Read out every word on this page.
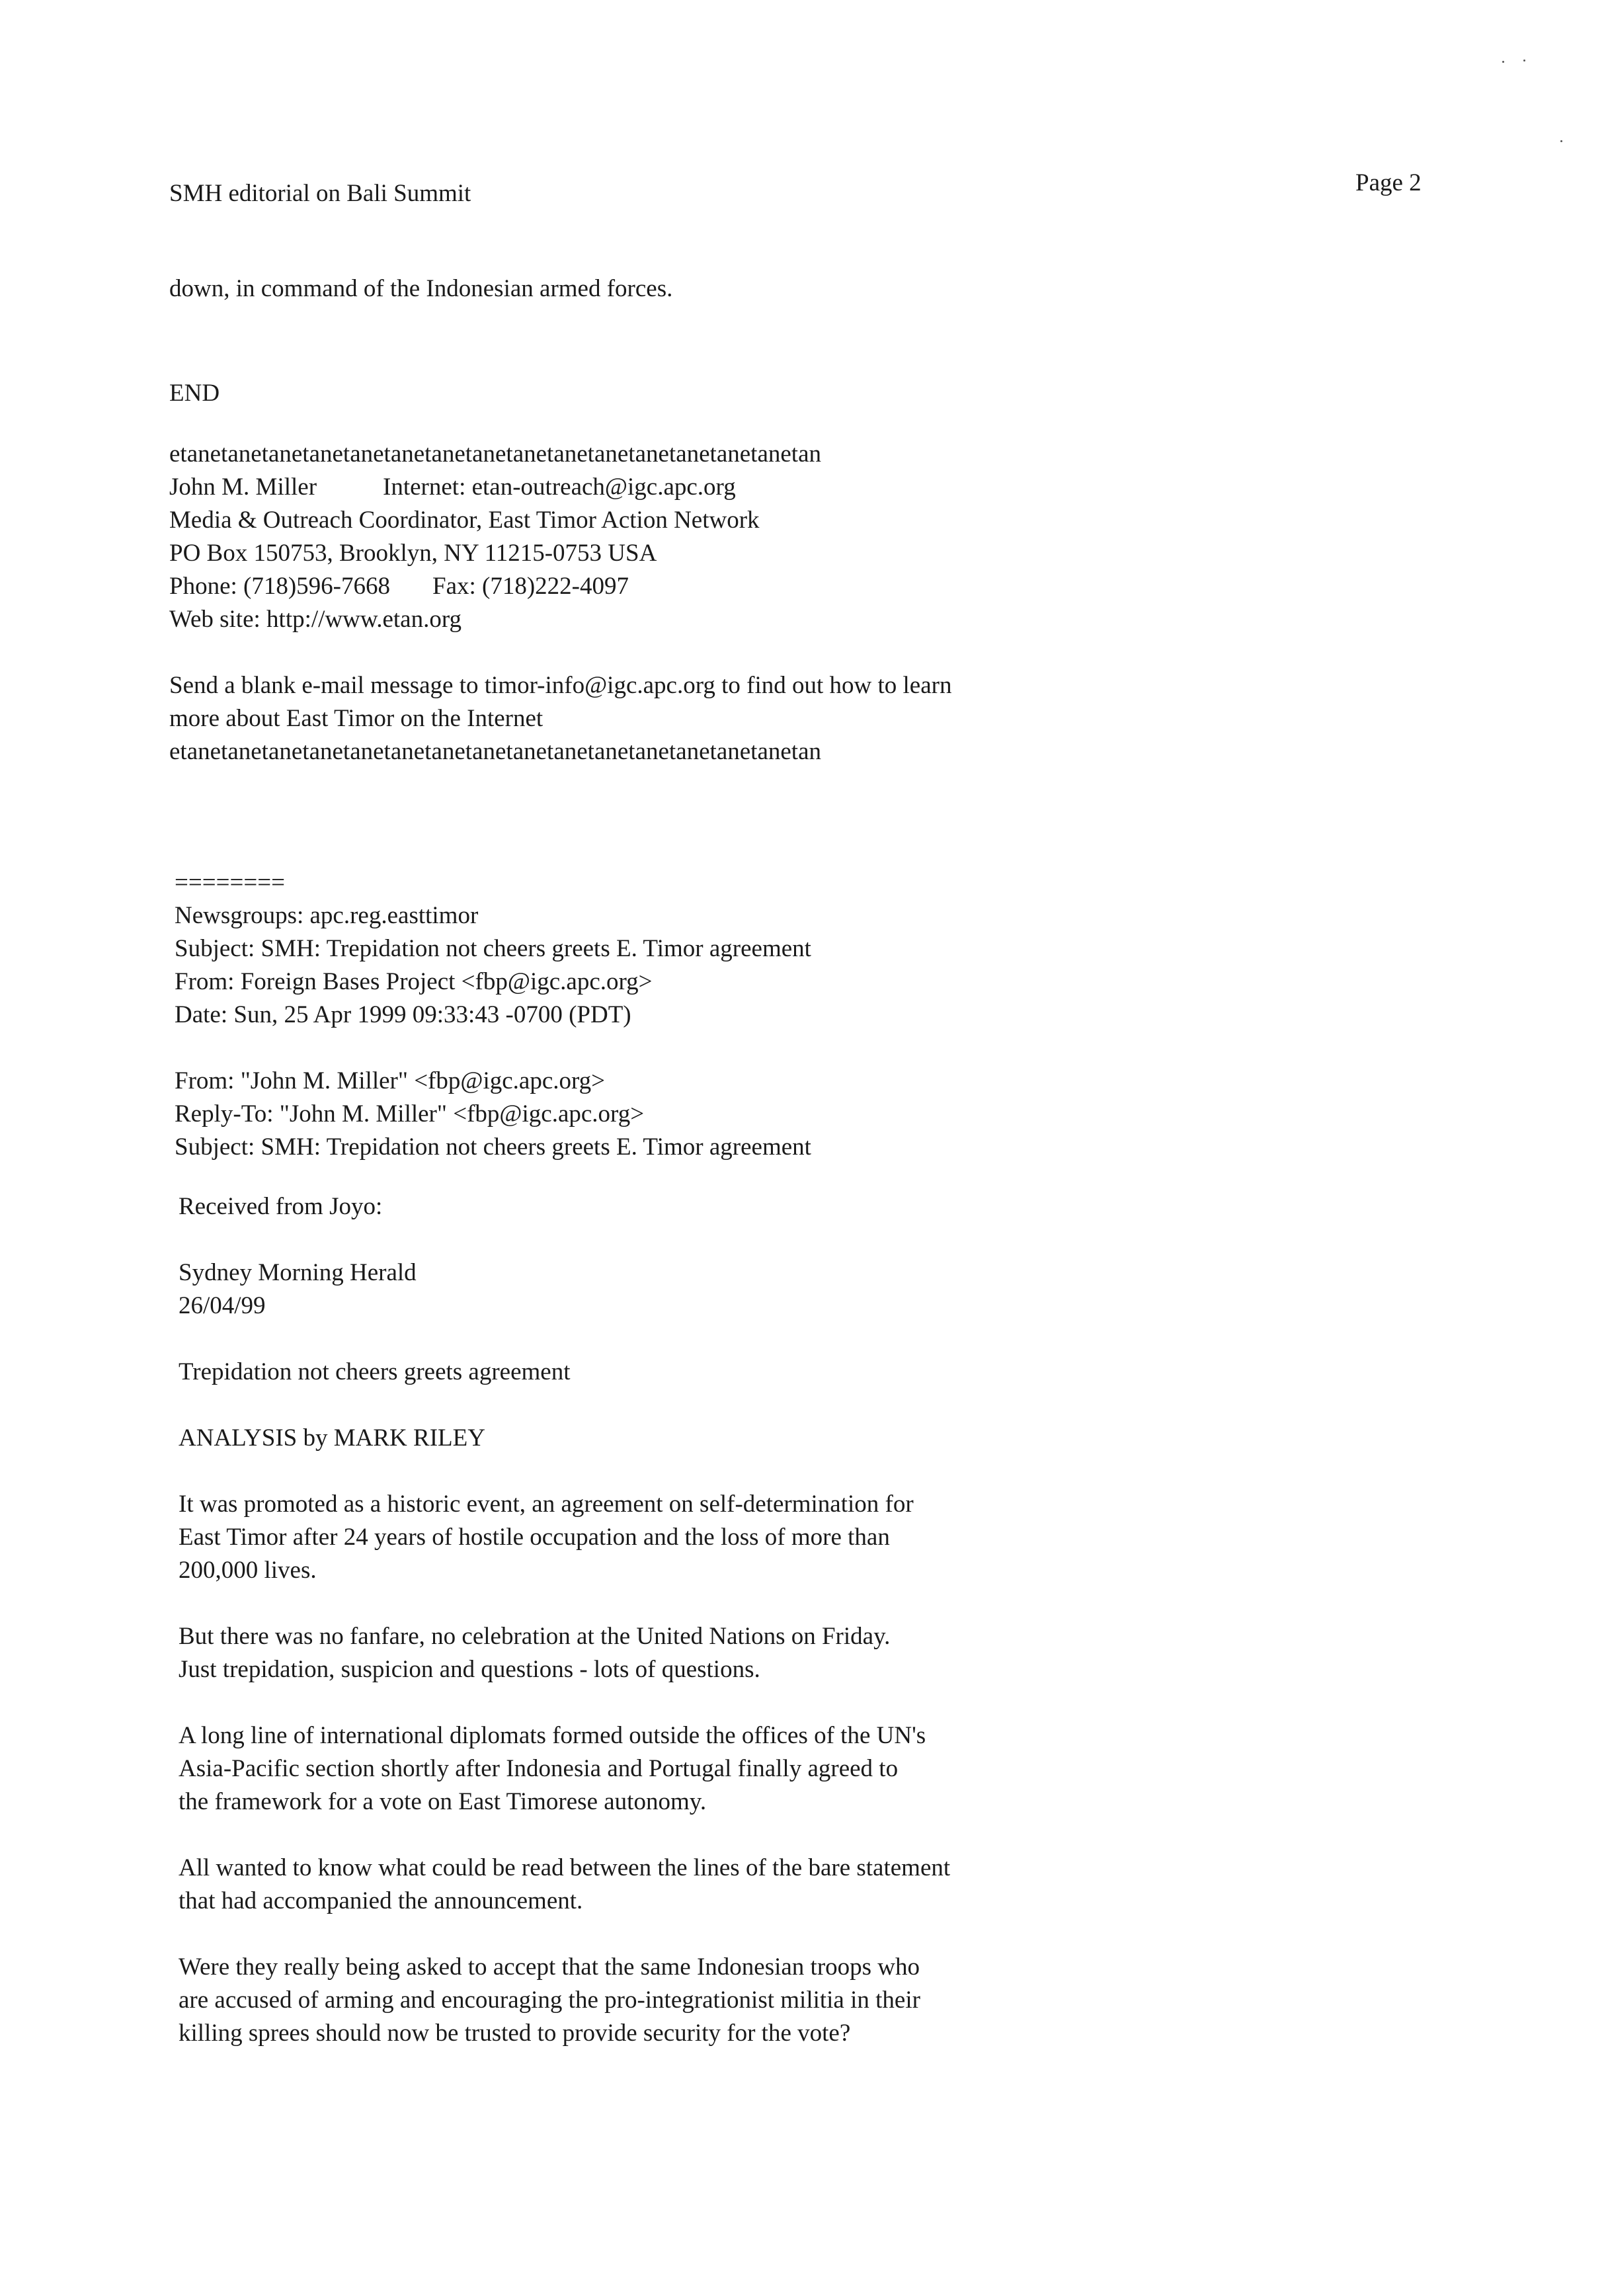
SMH editorial on Bali Summit	Page 2
down, in command of the Indonesian armed forces.
END
etanetanetanetanetanetanetanetanetanetanetanetanetanetanetanetan
John M. Miller	Internet: etan-outreach@igc.apc.org
Media & Outreach Coordinator, East Timor Action Network
PO Box 150753, Brooklyn, NY 11215-0753 USA
Phone: (718)596-7668 Fax: (718)222-4097
Web site: http://www.etan.org
Send a blank e-mail message to timor-info@igc.apc.org to find out how to learn
more about East Timor on the Internet
etanetanetanetanetanetanetanetanetanetanetanetanetanetanetanetan
========
Newsgroups: apc.reg.easttimor
Subject: SMH: Trepidation not cheers greets E. Timor agreement
From: Foreign Bases Project <fbp@igc.apc.org>
Date: Sun, 25 Apr 1999 09:33:43 -0700 (PDT)
From: "John M. Miller" <fbp@igc.apc.org>
Reply-To: "John M. Miller" <fbp@igc.apc.org>
Subject: SMH: Trepidation not cheers greets E. Timor agreement
Received from Joyo:
Sydney Morning Herald
26/04/99
Trepidation not cheers greets agreement
ANALYSIS by MARK RILEY
It was promoted as a historic event, an agreement on self-determination for
East Timor after 24 years of hostile occupation and the loss of more than
200,000 lives.
But there was no fanfare, no celebration at the United Nations on Friday.
Just trepidation, suspicion and questions - lots of questions.
A long line of international diplomats formed outside the offices of the UN's
Asia-Pacific section shortly after Indonesia and Portugal finally agreed to
the framework for a vote on East Timorese autonomy.
All wanted to know what could be read between the lines of the bare statement
that had accompanied the announcement.
Were they really being asked to accept that the same Indonesian troops who
are accused of arming and encouraging the pro-integrationist militia in their
killing sprees should now be trusted to provide security for the vote?
